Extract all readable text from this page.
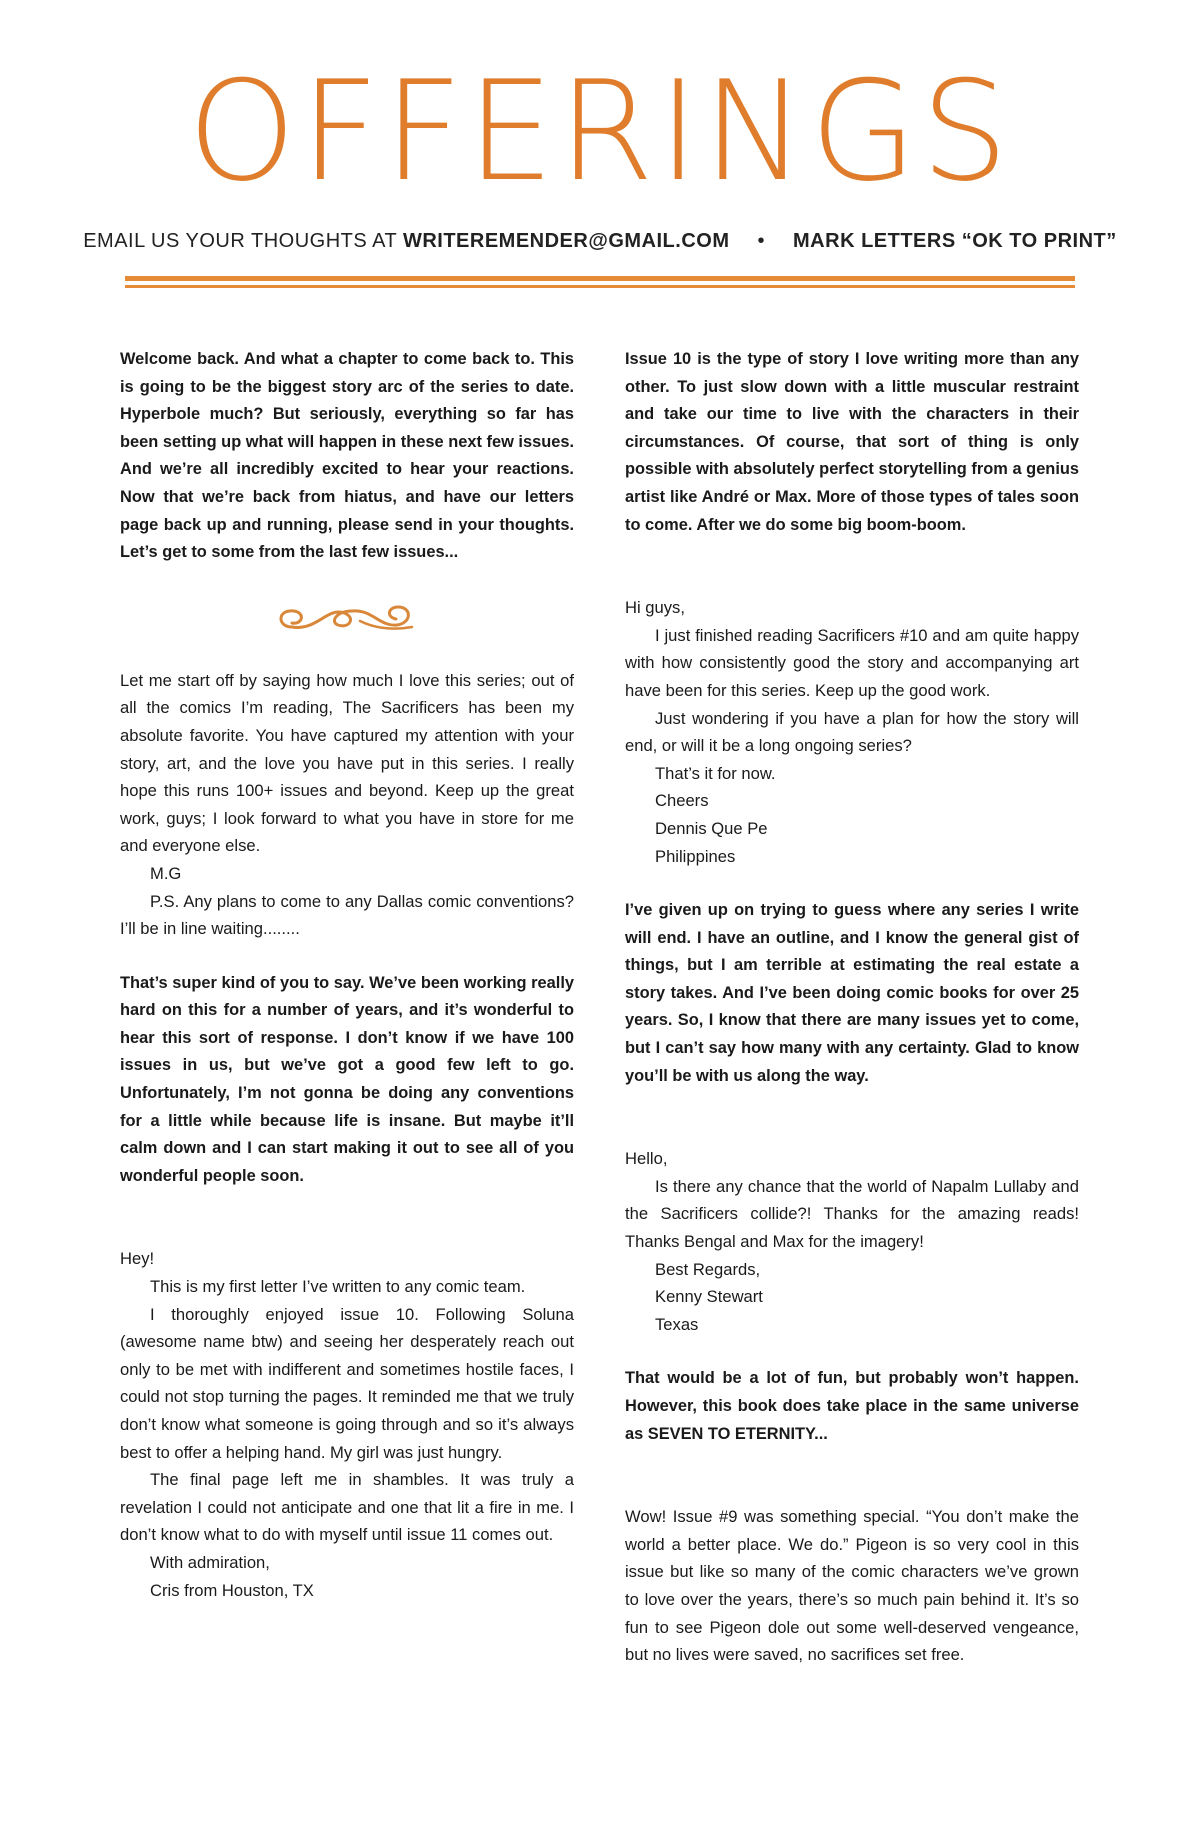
OFFERINGS
EMAIL US YOUR THOUGHTS AT WRITEREMENDER@GMAIL.COM • MARK LETTERS “OK TO PRINT”

Welcome back. And what a chapter to come back to. This is going to be the biggest story arc of the series to date. Hyperbole much? But seriously, everything so far has been setting up what will happen in these next few issues. And we’re all incredibly excited to hear your reactions. Now that we’re back from hiatus, and have our letters page back up and running, please send in your thoughts. Let’s get to some from the last few issues...

Let me start off by saying how much I love this series; out of all the comics I’m reading, The Sacrificers has been my absolute favorite. You have captured my attention with your story, art, and the love you have put in this series. I really hope this runs 100+ issues and beyond. Keep up the great work, guys; I look forward to what you have in store for me and everyone else.

M.G

P.S. Any plans to come to any Dallas comic conventions? I’ll be in line waiting........

That’s super kind of you to say. We’ve been working really hard on this for a number of years, and it’s wonderful to hear this sort of response. I don’t know if we have 100 issues in us, but we’ve got a good few left to go. Unfortunately, I’m not gonna be doing any conventions for a little while because life is insane. But maybe it’ll calm down and I can start making it out to see all of you wonderful people soon.

Hey!

This is my first letter I’ve written to any comic team.

I thoroughly enjoyed issue 10. Following Soluna (awesome name btw) and seeing her desperately reach out only to be met with indifferent and sometimes hostile faces, I could not stop turning the pages. It reminded me that we truly don’t know what someone is going through and so it’s always best to offer a helping hand. My girl was just hungry.

The final page left me in shambles. It was truly a revelation I could not anticipate and one that lit a fire in me. I don’t know what to do with myself until issue 11 comes out.

With admiration,

Cris from Houston, TX

Issue 10 is the type of story I love writing more than any other. To just slow down with a little muscular restraint and take our time to live with the characters in their circumstances. Of course, that sort of thing is only possible with absolutely perfect storytelling from a genius artist like André or Max. More of those types of tales soon to come. After we do some big boom-boom.

Hi guys,

I just finished reading Sacrificers #10 and am quite happy with how consistently good the story and accompanying art have been for this series. Keep up the good work.

Just wondering if you have a plan for how the story will end, or will it be a long ongoing series?

That’s it for now.

Cheers

Dennis Que Pe

Philippines

I’ve given up on trying to guess where any series I write will end. I have an outline, and I know the general gist of things, but I am terrible at estimating the real estate a story takes. And I’ve been doing comic books for over 25 years. So, I know that there are many issues yet to come, but I can’t say how many with any certainty. Glad to know you’ll be with us along the way.

Hello,

Is there any chance that the world of Napalm Lullaby and the Sacrificers collide?! Thanks for the amazing reads! Thanks Bengal and Max for the imagery!

Best Regards,

Kenny Stewart

Texas

That would be a lot of fun, but probably won’t happen. However, this book does take place in the same universe as SEVEN TO ETERNITY...

Wow! Issue #9 was something special. “You don’t make the world a better place. We do.” Pigeon is so very cool in this issue but like so many of the comic characters we’ve grown to love over the years, there’s so much pain behind it. It’s so fun to see Pigeon dole out some well-deserved vengeance, but no lives were saved, no sacrifices set free.
